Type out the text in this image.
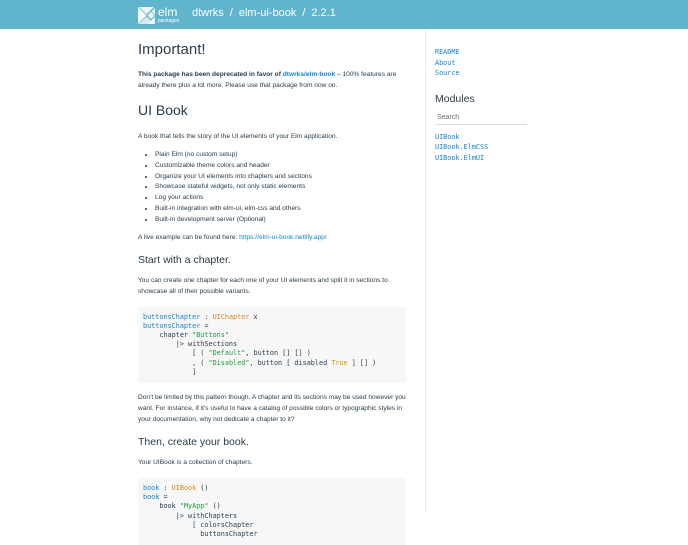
elm
packages
dtwrks / elm-ui-book / 2.2.1
Important!

This package has been deprecated in favor of dtwrks/elm-book – 100% features are already there plus a lot more. Please use that package from now on.

UI Book

A book that tells the story of the UI elements of your Elm application.

• Plain Elm (no custom setup)
• Customizable theme colors and header
• Organize your UI elements into chapters and sections
• Showcase stateful widgets, not only static elements
• Log your actions
• Built-in integration with elm-ui, elm-css and others
• Built-in development server (Optional)

A live example can be found here: https://elm-ui-book.netlify.app/

Start with a chapter.

You can create one chapter for each one of your UI elements and split it in sections to showcase all of their possible variants.

buttonsChapter : UIChapter x
buttonsChapter =
chapter "Buttons"
|> withSections
[ ( "Default", button [] [] )
, ( "Disabled", button [ disabled True ] [] )
]

Don't be limited by this pattern though. A chapter and its sections may be used however you want. For instance, if it's useful to have a catalog of possible colors or typographic styles in your documentation, why not dedicate a chapter to it?

Then, create your book.

Your UIBook is a collection of chapters.

book : UIBook ()
book =
book "MyApp" ()
|> withChapters
[ colorsChapter
buttonsChapter
README
About
Source
Modules
Search
UIBook
UIBook.ElmCSS
UIBook.ElmUI
